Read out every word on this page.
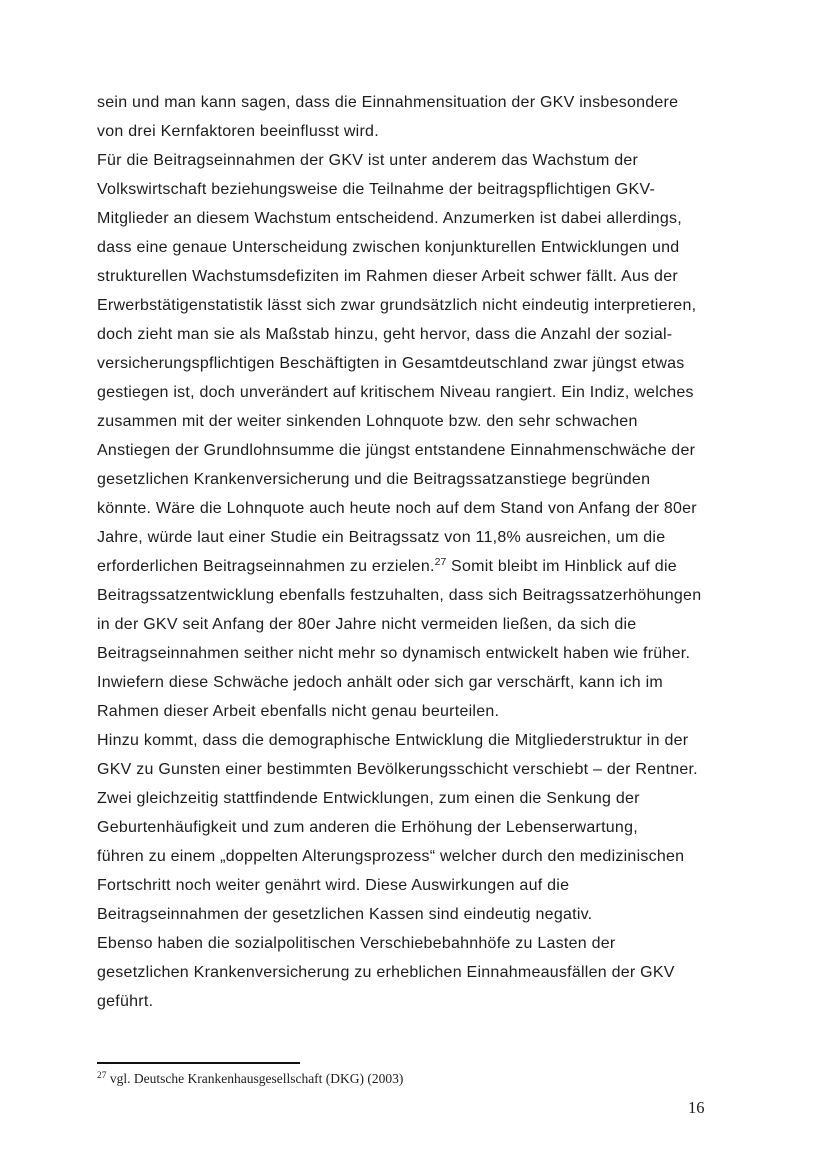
sein und man kann sagen, dass die Einnahmensituation der GKV insbesondere
von drei Kernfaktoren beeinflusst wird.
Für die Beitragseinnahmen der GKV ist unter anderem das Wachstum der
Volkswirtschaft beziehungsweise die Teilnahme der beitragspflichtigen GKV-
Mitglieder an diesem Wachstum entscheidend. Anzumerken ist dabei allerdings,
dass eine genaue Unterscheidung zwischen konjunkturellen Entwicklungen und
strukturellen Wachstumsdefiziten im Rahmen dieser Arbeit schwer fällt. Aus der
Erwerbstätigenstatistik lässt sich zwar grundsätzlich nicht eindeutig interpretieren,
doch zieht man sie als Maßstab hinzu, geht hervor, dass die Anzahl der sozial-
versicherungspflichtigen Beschäftigten in Gesamtdeutschland zwar jüngst etwas
gestiegen ist, doch unverändert auf kritischem Niveau rangiert. Ein Indiz, welches
zusammen mit der weiter sinkenden Lohnquote bzw. den sehr schwachen
Anstiegen der Grundlohnsumme die jüngst entstandene Einnahmenschwäche der
gesetzlichen Krankenversicherung und die Beitragssatzanstiege begründen
könnte. Wäre die Lohnquote auch heute noch auf dem Stand von Anfang der 80er
Jahre, würde laut einer Studie ein Beitragssatz von 11,8% ausreichen, um die
erforderlichen Beitragseinnahmen zu erzielen.$^{27}$ Somit bleibt im Hinblick auf die
Beitragssatzentwicklung ebenfalls festzuhalten, dass sich Beitragssatzerhöhungen
in der GKV seit Anfang der 80er Jahre nicht vermeiden ließen, da sich die
Beitragseinnahmen seither nicht mehr so dynamisch entwickelt haben wie früher.
Inwiefern diese Schwäche jedoch anhält oder sich gar verschärft, kann ich im
Rahmen dieser Arbeit ebenfalls nicht genau beurteilen.
Hinzu kommt, dass die demographische Entwicklung die Mitgliederstruktur in der
GKV zu Gunsten einer bestimmten Bevölkerungsschicht verschiebt – der Rentner.
Zwei gleichzeitig stattfindende Entwicklungen, zum einen die Senkung der
Geburtenhäufigkeit und zum anderen die Erhöhung der Lebenserwartung,
führen zu einem „doppelten Alterungsprozess“ welcher durch den medizinischen
Fortschritt noch weiter genährt wird. Diese Auswirkungen auf die
Beitragseinnahmen der gesetzlichen Kassen sind eindeutig negativ.
Ebenso haben die sozialpolitischen Verschiebebahnhöfe zu Lasten der
gesetzlichen Krankenversicherung zu erheblichen Einnahmeausfällen der GKV
geführt.
$^{27}$ vgl. Deutsche Krankenhausgesellschaft (DKG) (2003)
16
